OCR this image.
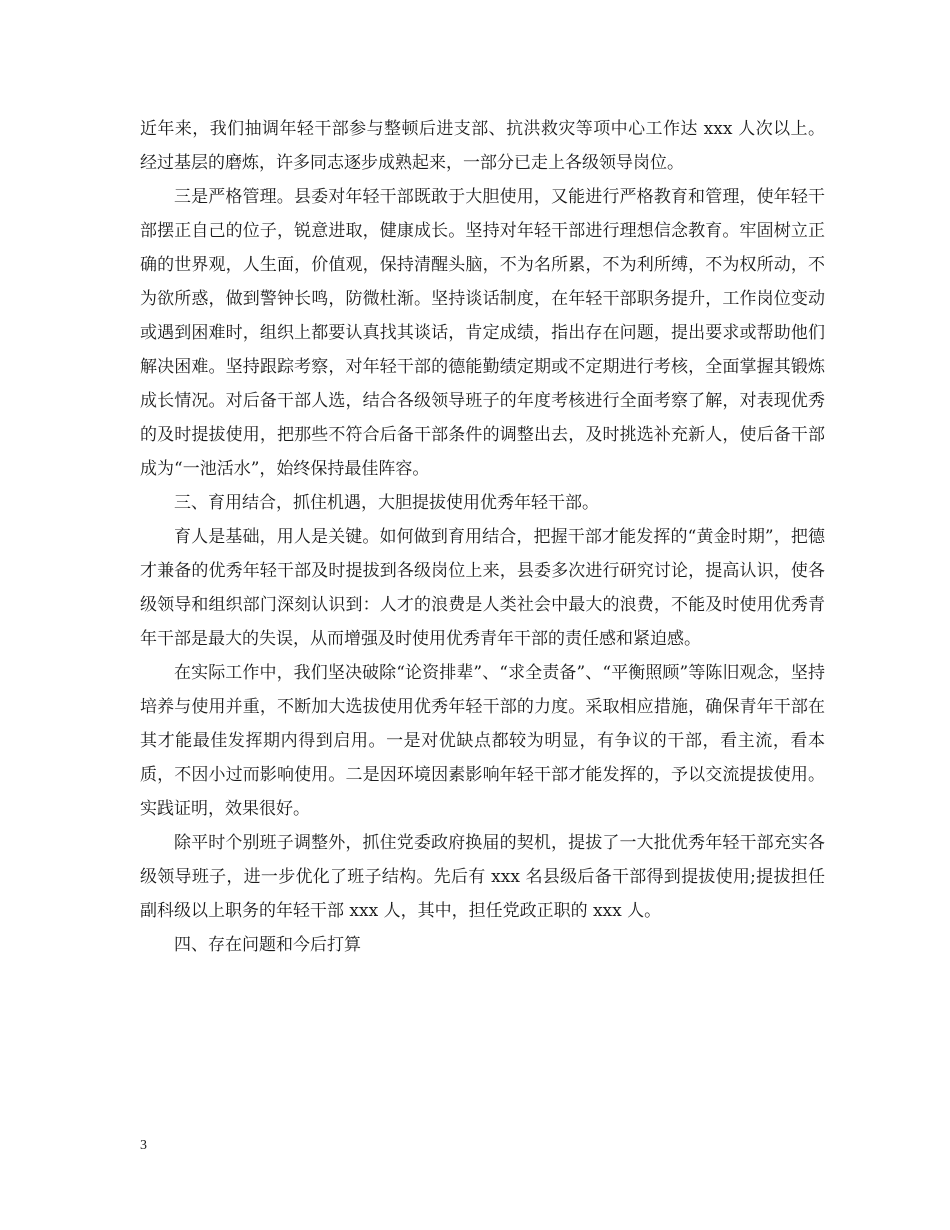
近年来，我们抽调年轻干部参与整顿后进支部、抗洪救灾等项中心工作达 xxx 人次以上。经过基层的磨炼，许多同志逐步成熟起来，一部分已走上各级领导岗位。

三是严格管理。县委对年轻干部既敢于大胆使用，又能进行严格教育和管理，使年轻干部摆正自己的位子，锐意进取，健康成长。坚持对年轻干部进行理想信念教育。牢固树立正确的世界观，人生面，价值观，保持清醒头脑，不为名所累，不为利所缚，不为权所动，不为欲所惑，做到警钟长鸣，防微杜渐。坚持谈话制度，在年轻干部职务提升，工作岗位变动或遇到困难时，组织上都要认真找其谈话，肯定成绩，指出存在问题，提出要求或帮助他们解决困难。坚持跟踪考察，对年轻干部的德能勤绩定期或不定期进行考核，全面掌握其锻炼成长情况。对后备干部人选，结合各级领导班子的年度考核进行全面考察了解，对表现优秀的及时提拔使用，把那些不符合后备干部条件的调整出去，及时挑选补充新人，使后备干部成为“一池活水”，始终保持最佳阵容。

三、育用结合，抓住机遇，大胆提拔使用优秀年轻干部。

育人是基础，用人是关键。如何做到育用结合，把握干部才能发挥的“黄金时期”，把德才兼备的优秀年轻干部及时提拔到各级岗位上来，县委多次进行研究讨论，提高认识，使各级领导和组织部门深刻认识到：人才的浪费是人类社会中最大的浪费，不能及时使用优秀青年干部是最大的失误，从而增强及时使用优秀青年干部的责任感和紧迫感。

在实际工作中，我们坚决破除“论资排辈”、“求全责备”、“平衡照顾”等陈旧观念，坚持培养与使用并重，不断加大选拔使用优秀年轻干部的力度。采取相应措施，确保青年干部在其才能最佳发挥期内得到启用。一是对优缺点都较为明显，有争议的干部，看主流，看本质，不因小过而影响使用。二是因环境因素影响年轻干部才能发挥的，予以交流提拔使用。实践证明，效果很好。

除平时个别班子调整外，抓住党委政府换届的契机，提拔了一大批优秀年轻干部充实各级领导班子，进一步优化了班子结构。先后有 xxx 名县级后备干部得到提拔使用;提拔担任副科级以上职务的年轻干部 xxx 人，其中，担任党政正职的 xxx 人。

四、存在问题和今后打算

3
